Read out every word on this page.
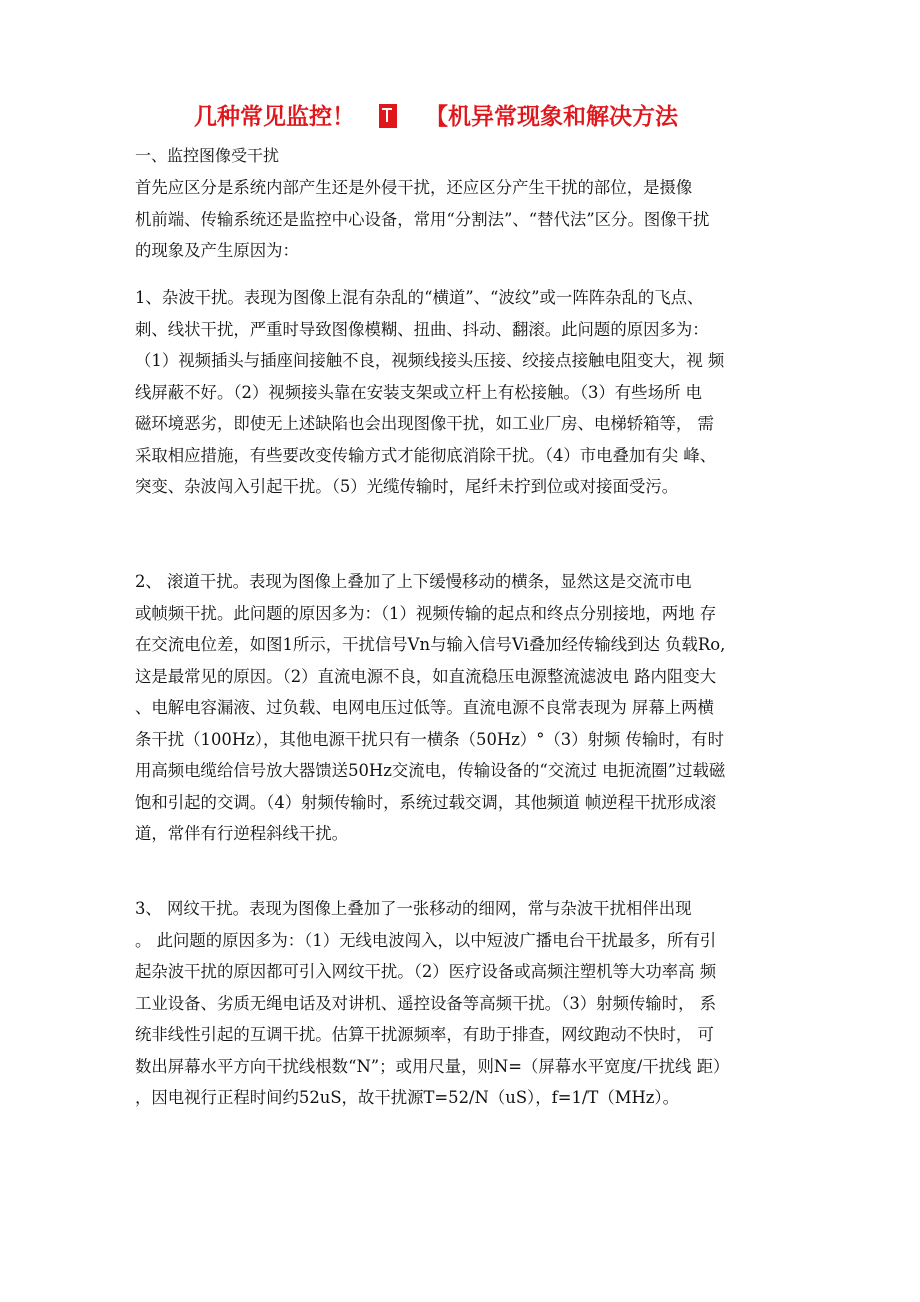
几种常见监控！	【机异常现象和解决方法
一、监控图像受干扰
首先应区分是系统内部产生还是外侵干扰，还应区分产生干扰的部位，是摄像
机前端、传输系统还是监控中心设备，常用“分割法”、“替代法”区分。图像干扰
的现象及产生原因为：
1、杂波干扰。表现为图像上混有杂乱的“横道”、“波纹”或一阵阵杂乱的飞点、
刺、线状干扰，严重时导致图像模糊、扭曲、抖动、翻滚。此问题的原因多为：
（1）视频插头与插座间接触不良，视频线接头压接、绞接点接触电阻变大，视 频
线屏蔽不好。（2）视频接头靠在安装支架或立杆上有松接触。（3）有些场所 电
磁环境恶劣，即使无上述缺陷也会出现图像干扰，如工业厂房、电梯轿箱等， 需
采取相应措施，有些要改变传输方式才能彻底消除干扰。（4）市电叠加有尖 峰、
突变、杂波闯入引起干扰。（5）光缆传输时，尾纤未拧到位或对接面受污。
2、 滚道干扰。表现为图像上叠加了上下缓慢移动的横条，显然这是交流市电
或帧频干扰。此问题的原因多为：（1）视频传输的起点和终点分别接地，两地 存
在交流电位差，如图1所示，干扰信号Vn与输入信号Vi叠加经传输线到达 负载Ro,
这是最常见的原因。（2）直流电源不良，如直流稳压电源整流滤波电 路内阻变大
、电解电容漏液、过负载、电网电压过低等。直流电源不良常表现为 屏幕上两横
条干扰（100Hz），其他电源干扰只有一横条（50Hz）°（3）射频 传输时，有时
用高频电缆给信号放大器馈送50Hz交流电，传输设备的“交流过 电扼流圈”过载磁
饱和引起的交调。（4）射频传输时，系统过载交调，其他频道 帧逆程干扰形成滚
道，常伴有行逆程斜线干扰。
3、 网纹干扰。表现为图像上叠加了一张移动的细网，常与杂波干扰相伴出现
。 此问题的原因多为：（1）无线电波闯入，以中短波广播电台干扰最多，所有引
起杂波干扰的原因都可引入网纹干扰。（2）医疗设备或高频注塑机等大功率高 频
工业设备、劣质无绳电话及对讲机、遥控设备等高频干扰。（3）射频传输时， 系
统非线性引起的互调干扰。估算干扰源频率，有助于排查，网纹跑动不快时， 可
数出屏幕水平方向干扰线根数“N”；或用尺量，则N=（屏幕水平宽度/干扰线 距）
，因电视行正程时间约52uS，故干扰源T=52/N（uS），f=1/T（MHz）。
